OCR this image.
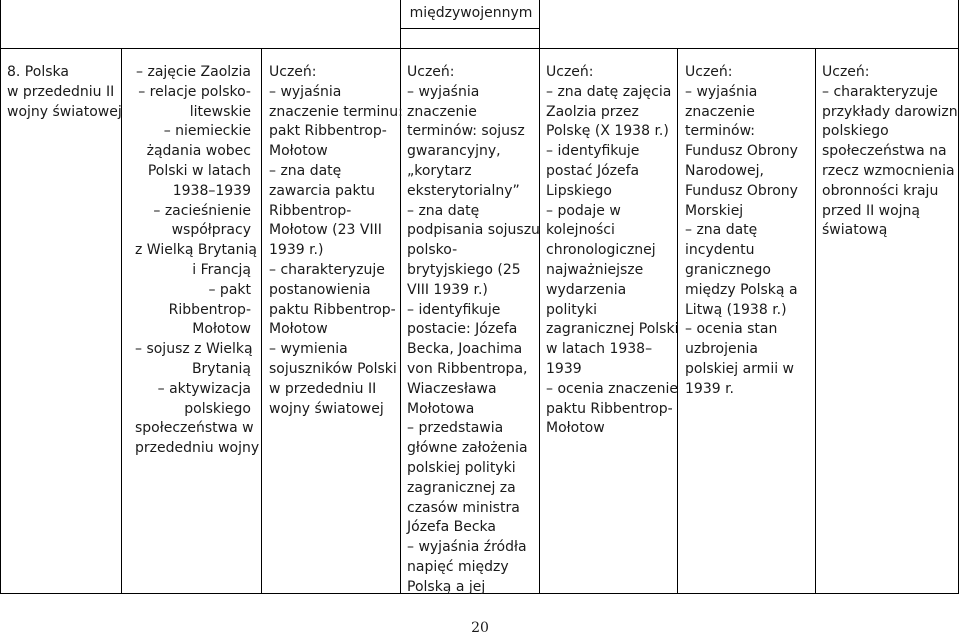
międzywojennym
8. Polska
w przededniu II
wojny światowej
– zajęcie Zaolzia
– relacje polsko-
litewskie
– niemieckie
żądania wobec
Polski w latach
1938–1939
– zacieśnienie
współpracy
z Wielką Brytanią
i Francją
– pakt
Ribbentrop-
Mołotow
– sojusz z Wielką
Brytanią
– aktywizacja
polskiego
społeczeństwa w
przededniu wojny
Uczeń:
– wyjaśnia
znaczenie terminu:
pakt Ribbentrop-
Mołotow
– zna datę
zawarcia paktu
Ribbentrop-
Mołotow (23 VIII
1939 r.)
– charakteryzuje
postanowienia
paktu Ribbentrop-
Mołotow
– wymienia
sojuszników Polski
w przededniu II
wojny światowej
Uczeń:
– wyjaśnia
znaczenie
terminów: sojusz
gwarancyjny,
„korytarz
eksterytorialny”
– zna datę
podpisania sojuszu
polsko-
brytyjskiego (25
VIII 1939 r.)
– identyfikuje
postacie: Józefa
Becka, Joachima
von Ribbentropa,
Wiaczesława
Mołotowa
– przedstawia
główne założenia
polskiej polityki
zagranicznej za
czasów ministra
Józefa Becka
– wyjaśnia źródła
napięć między
Polską a jej
Uczeń:
– zna datę zajęcia
Zaolzia przez
Polskę (X 1938 r.)
– identyfikuje
postać Józefa
Lipskiego
– podaje w
kolejności
chronologicznej
najważniejsze
wydarzenia
polityki
zagranicznej Polski
w latach 1938–
1939
– ocenia znaczenie
paktu Ribbentrop-
Mołotow
Uczeń:
– wyjaśnia
znaczenie
terminów:
Fundusz Obrony
Narodowej,
Fundusz Obrony
Morskiej
– zna datę
incydentu
granicznego
między Polską a
Litwą (1938 r.)
– ocenia stan
uzbrojenia
polskiej armii w
1939 r.
Uczeń:
– charakteryzuje
przykłady darowizn
polskiego
społeczeństwa na
rzecz wzmocnienia
obronności kraju
przed II wojną
światową
20
